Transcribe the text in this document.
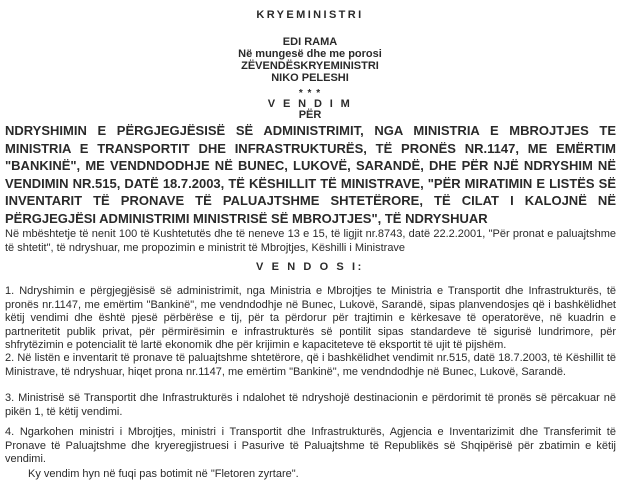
KRYEMINISTRI

EDI RAMA

Në mungesë dhe me porosi

ZËVENDËSKRYEMINISTRI

NIKO PELESHI

* * *

V E N D I M

PËR

NDRYSHIMIN E PËRGJEGJËSISË SË ADMINISTRIMIT, NGA MINISTRIA E MBROJTJES TE MINISTRIA E TRANSPORTIT DHE INFRASTRUKTURËS, TË PRONËS NR.1147, ME EMËRTIM "BANKINË", ME VENDNDODHJE NË BUNEC, LUKOVË, SARANDË, DHE PËR NJË NDRYSHIM NË VENDIMIN NR.515, DATË 18.7.2003, TË KËSHILLIT TË MINISTRAVE, "PËR MIRATIMIN E LISTËS SË INVENTARIT TË PRONAVE TË PALUAJTSHME SHTETËRORE, TË CILAT I KALOJNË NË PËRGJEGJËSI ADMINISTRIMI MINISTRISË SË MBROJTJES", TË NDRYSHUAR

Në mbështetje të nenit 100 të Kushtetutës dhe të neneve 13 e 15, të ligjit nr.8743, datë 22.2.2001, "Për pronat e paluajtshme të shtetit", të ndryshuar, me propozimin e ministrit të Mbrojtjes, Këshilli i Ministrave

V E N D O S I:

1. Ndryshimin e përgjegjësisë së administrimit, nga Ministria e Mbrojtjes te Ministria e Transportit dhe Infrastrukturës, të pronës nr.1147, me emërtim "Bankinë", me vendndodhje në Bunec, Lukovë, Sarandë, sipas planvendosjes që i bashkëlidhet këtij vendimi dhe është pjesë përbërëse e tij, për ta përdorur për trajtimin e kërkesave të operatorëve, në kuadrin e partneritetit publik privat, për përmirësimin e infrastrukturës së pontilit sipas standardeve të sigurisë lundrimore, për shfrytëzimin e potencialit të lartë ekonomik dhe për krijimin e kapaciteteve të eksportit të ujit të pijshëm.

2. Në listën e inventarit të pronave të paluajtshme shtetërore, që i bashkëlidhet vendimit nr.515, datë 18.7.2003, të Këshillit të Ministrave, të ndryshuar, hiqet prona nr.1147, me emërtim "Bankinë", me vendndodhje në Bunec, Lukovë, Sarandë.

3. Ministrisë së Transportit dhe Infrastrukturës i ndalohet të ndryshojë destinacionin e përdorimit të pronës së përcakuar në pikën 1, të këtij vendimi.

4. Ngarkohen ministri i Mbrojtjes, ministri i Transportit dhe Infrastrukturës, Agjencia e Inventarizimit dhe Transferimit të Pronave të Paluajtshme dhe kryeregjistruesi i Pasurive të Paluajtshme të Republikës së Shqipërisë për zbatimin e këtij vendimi.

Ky vendim hyn në fuqi pas botimit në "Fletoren zyrtare".
